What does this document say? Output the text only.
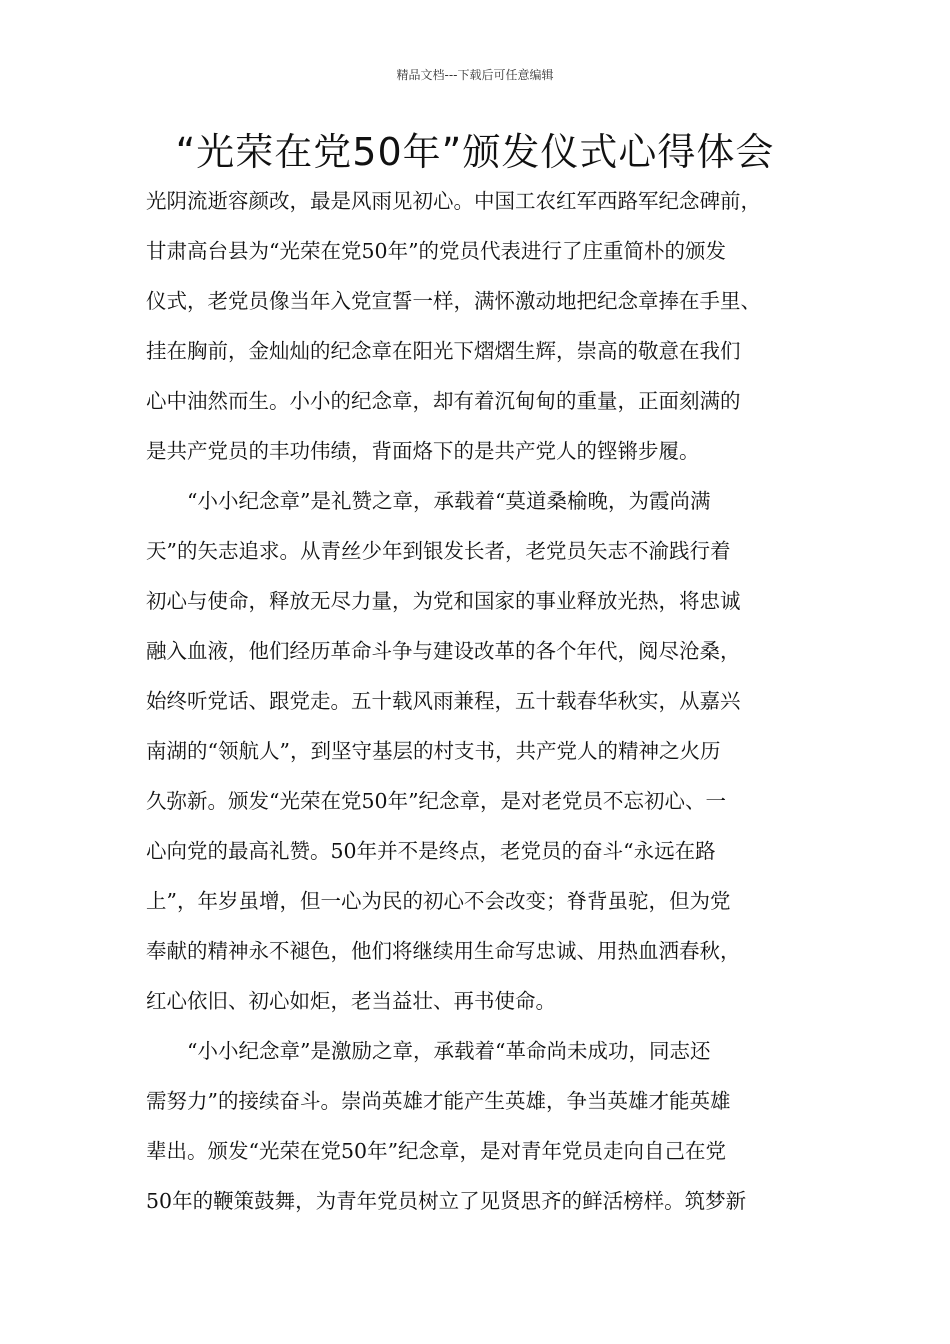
精品文档---下载后可任意编辑
“光荣在党50年”颁发仪式心得体会
光阴流逝容颜改，最是风雨见初心。中国工农红军西路军纪念碑前，
甘肃高台县为“光荣在党50年”的党员代表进行了庄重简朴的颁发
仪式，老党员像当年入党宣誓一样，满怀激动地把纪念章捧在手里、
挂在胸前，金灿灿的纪念章在阳光下熠熠生辉，崇高的敬意在我们
心中油然而生。小小的纪念章，却有着沉甸甸的重量，正面刻满的
是共产党员的丰功伟绩，背面烙下的是共产党人的铿锵步履。
“小小纪念章”是礼赞之章，承载着“莫道桑榆晚，为霞尚满
天”的矢志追求。从青丝少年到银发长者，老党员矢志不渝践行着
初心与使命，释放无尽力量，为党和国家的事业释放光热，将忠诚
融入血液，他们经历革命斗争与建设改革的各个年代，阅尽沧桑，
始终听党话、跟党走。五十载风雨兼程，五十载春华秋实，从嘉兴
南湖的“领航人”，到坚守基层的村支书，共产党人的精神之火历
久弥新。颁发“光荣在党50年”纪念章，是对老党员不忘初心、一
心向党的最高礼赞。50年并不是终点，老党员的奋斗“永远在路
上”，年岁虽增，但一心为民的初心不会改变；脊背虽驼，但为党
奉献的精神永不褪色，他们将继续用生命写忠诚、用热血洒春秋，
红心依旧、初心如炬，老当益壮、再书使命。
“小小纪念章”是激励之章，承载着“革命尚未成功，同志还
需努力”的接续奋斗。崇尚英雄才能产生英雄，争当英雄才能英雄
辈出。颁发“光荣在党50年”纪念章，是对青年党员走向自己在党
50年的鞭策鼓舞，为青年党员树立了见贤思齐的鲜活榜样。筑梦新
